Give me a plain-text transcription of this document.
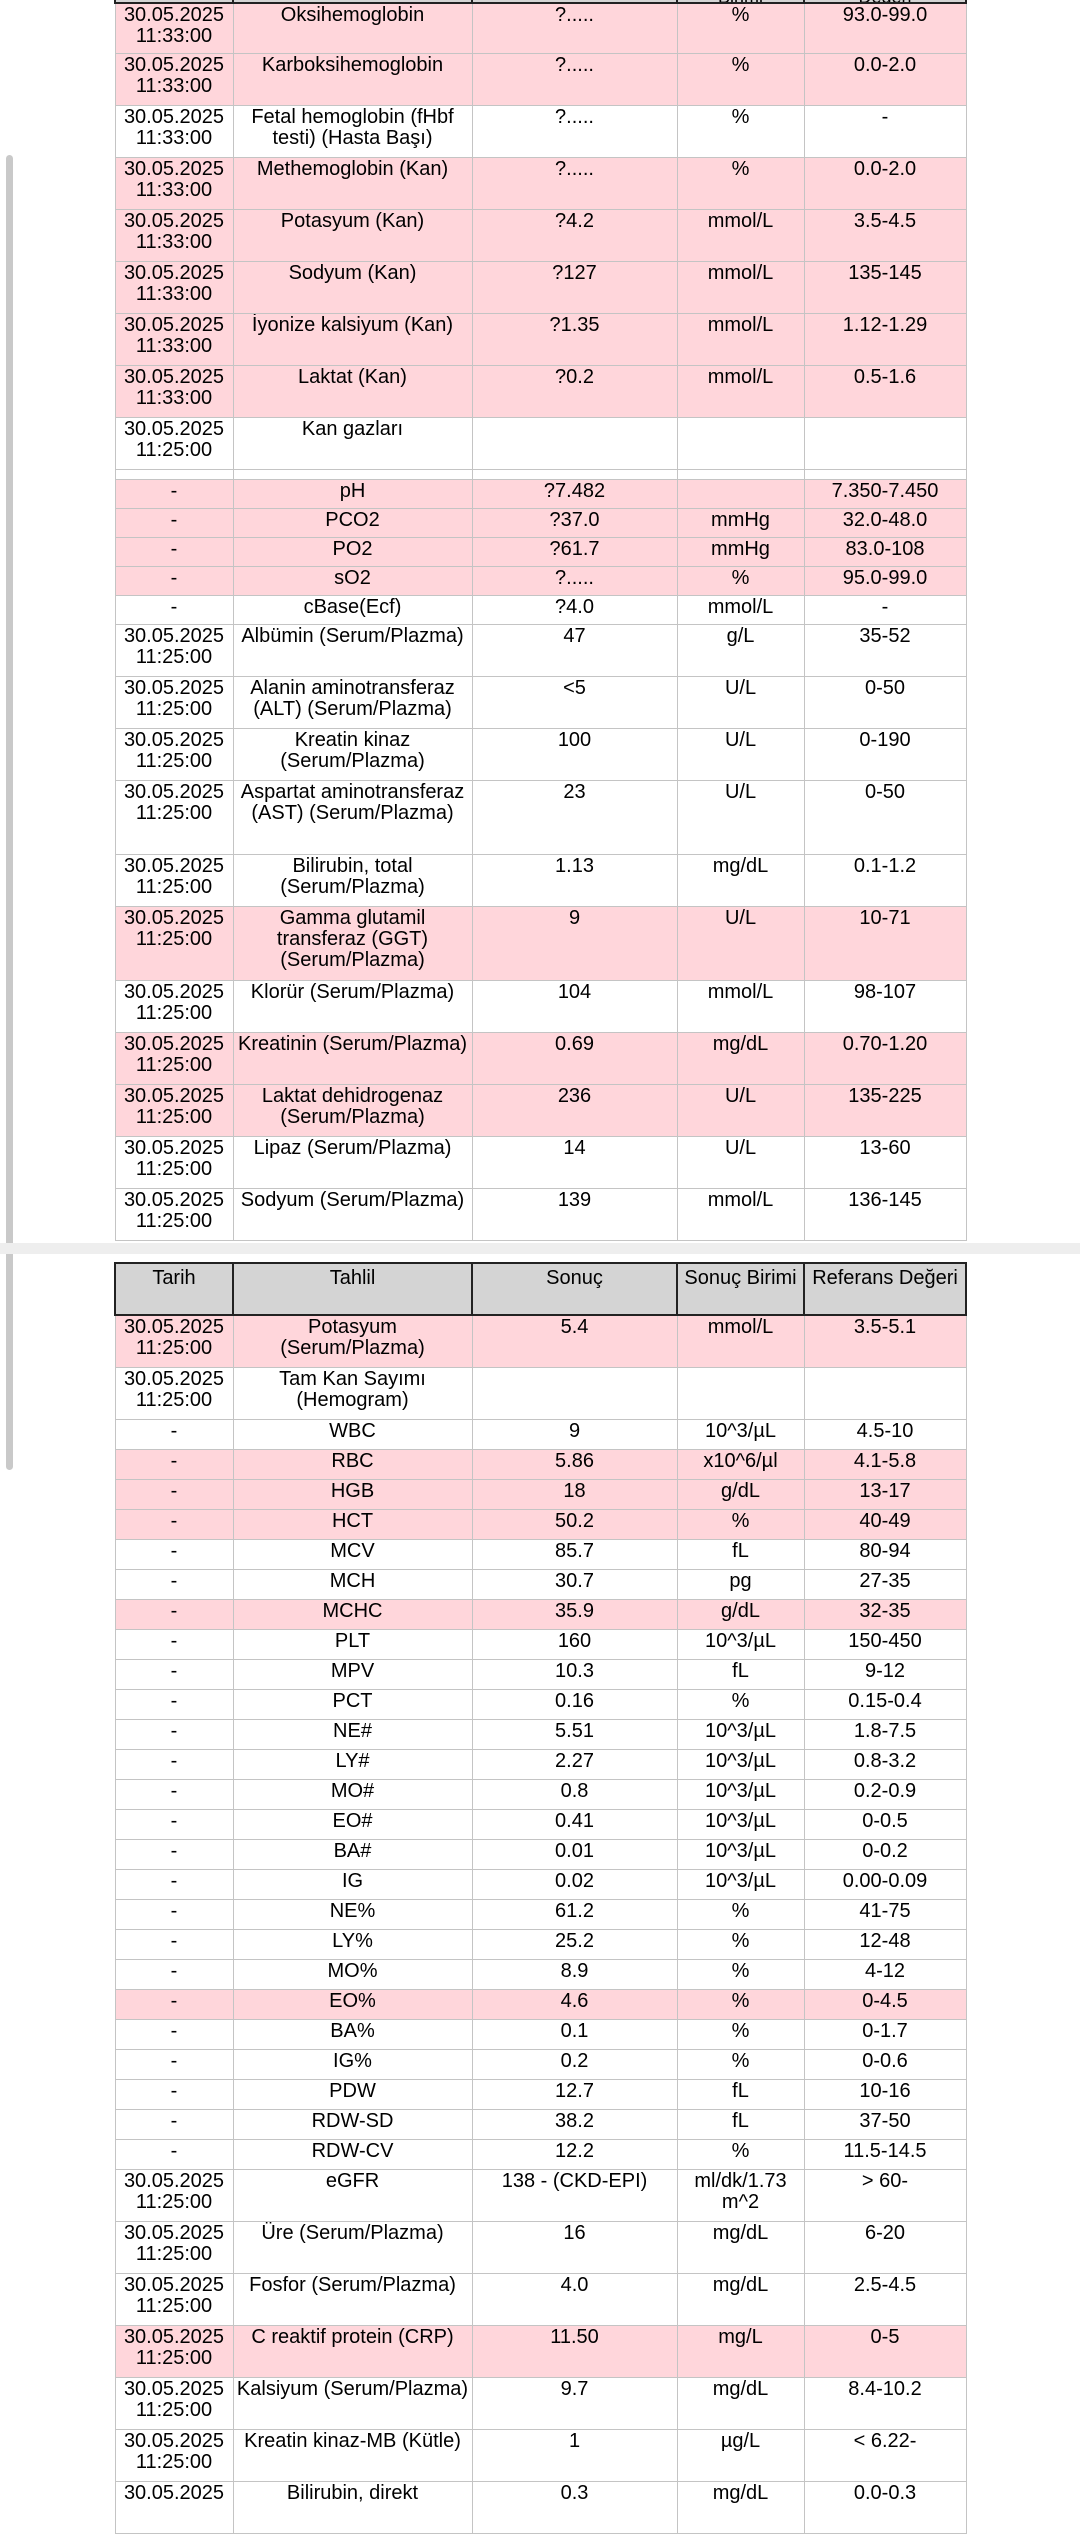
30.05.2025 11:33:00	Oksihemoglobin	?.....	%	93.0-99.0
30.05.2025 11:33:00	Karboksihemoglobin	?.....	%	0.0-2.0
30.05.2025 11:33:00	Fetal hemoglobin (fHbf testi) (Hasta Başı)	?.....	%	-
30.05.2025 11:33:00	Methemoglobin (Kan)	?.....	%	0.0-2.0
30.05.2025 11:33:00	Potasyum (Kan)	?4.2	mmol/L	3.5-4.5
30.05.2025 11:33:00	Sodyum (Kan)	?127	mmol/L	135-145
30.05.2025 11:33:00	İyonize kalsiyum (Kan)	?1.35	mmol/L	1.12-1.29
30.05.2025 11:33:00	Laktat (Kan)	?0.2	mmol/L	0.5-1.6
30.05.2025 11:25:00	Kan gazları			

-	pH	?7.482		7.350-7.450
-	PCO2	?37.0	mmHg	32.0-48.0
-	PO2	?61.7	mmHg	83.0-108
-	sO2	?.....	%	95.0-99.0
-	cBase(Ecf)	?4.0	mmol/L	-
30.05.2025 11:25:00	Albümin (Serum/Plazma)	47	g/L	35-52
30.05.2025 11:25:00	Alanin aminotransferaz (ALT) (Serum/Plazma)	<5	U/L	0-50
30.05.2025 11:25:00	Kreatin kinaz (Serum/Plazma)	100	U/L	0-190
30.05.2025 11:25:00	Aspartat aminotransferaz (AST) (Serum/Plazma)	23	U/L	0-50
30.05.2025 11:25:00	Bilirubin, total (Serum/Plazma)	1.13	mg/dL	0.1-1.2
30.05.2025 11:25:00	Gamma glutamil transferaz (GGT) (Serum/Plazma)	9	U/L	10-71
30.05.2025 11:25:00	Klorür (Serum/Plazma)	104	mmol/L	98-107
30.05.2025 11:25:00	Kreatinin (Serum/Plazma)	0.69	mg/dL	0.70-1.20
30.05.2025 11:25:00	Laktat dehidrogenaz (Serum/Plazma)	236	U/L	135-225
30.05.2025 11:25:00	Lipaz (Serum/Plazma)	14	U/L	13-60
30.05.2025 11:25:00	Sodyum (Serum/Plazma)	139	mmol/L	136-145
Tarih	Tahlil	Sonuç	Sonuç Birimi	Referans Değeri
30.05.2025 11:25:00	Potasyum (Serum/Plazma)	5.4	mmol/L	3.5-5.1
30.05.2025 11:25:00	Tam Kan Sayımı (Hemogram)			
-	WBC	9	10^3/µL	4.5-10
-	RBC	5.86	x10^6/µl	4.1-5.8
-	HGB	18	g/dL	13-17
-	HCT	50.2	%	40-49
-	MCV	85.7	fL	80-94
-	MCH	30.7	pg	27-35
-	MCHC	35.9	g/dL	32-35
-	PLT	160	10^3/µL	150-450
-	MPV	10.3	fL	9-12
-	PCT	0.16	%	0.15-0.4
-	NE#	5.51	10^3/µL	1.8-7.5
-	LY#	2.27	10^3/µL	0.8-3.2
-	MO#	0.8	10^3/µL	0.2-0.9
-	EO#	0.41	10^3/µL	0-0.5
-	BA#	0.01	10^3/µL	0-0.2
-	IG	0.02	10^3/µL	0.00-0.09
-	NE%	61.2	%	41-75
-	LY%	25.2	%	12-48
-	MO%	8.9	%	4-12
-	EO%	4.6	%	0-4.5
-	BA%	0.1	%	0-1.7
-	IG%	0.2	%	0-0.6
-	PDW	12.7	fL	10-16
-	RDW-SD	38.2	fL	37-50
-	RDW-CV	12.2	%	11.5-14.5
30.05.2025 11:25:00	eGFR	138 - (CKD-EPI)	ml/dk/1.73 m^2	> 60-
30.05.2025 11:25:00	Üre (Serum/Plazma)	16	mg/dL	6-20
30.05.2025 11:25:00	Fosfor (Serum/Plazma)	4.0	mg/dL	2.5-4.5
30.05.2025 11:25:00	C reaktif protein (CRP)	11.50	mg/L	0-5
30.05.2025 11:25:00	Kalsiyum (Serum/Plazma)	9.7	mg/dL	8.4-10.2
30.05.2025 11:25:00	Kreatin kinaz-MB (Kütle)	1	µg/L	< 6.22-
30.05.2025	Bilirubin, direkt	0.3	mg/dL	0.0-0.3
